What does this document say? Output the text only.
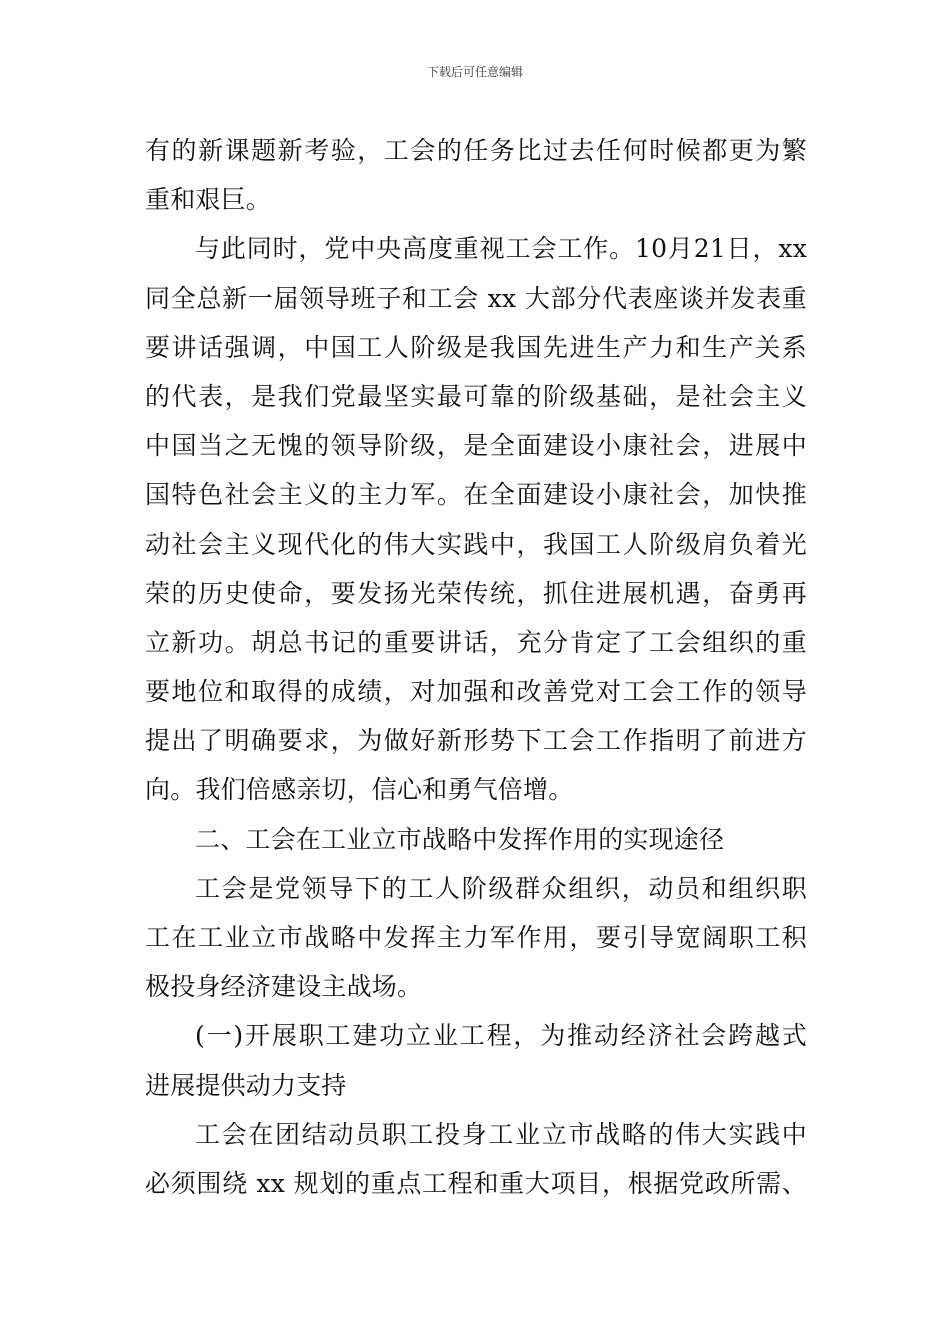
下载后可任意编辑
有的新课题新考验，工会的任务比过去任何时候都更为繁
重和艰巨。
与此同时，党中央高度重视工会工作。10月21日，xx
同全总新一届领导班子和工会 xx 大部分代表座谈并发表重
要讲话强调，中国工人阶级是我国先进生产力和生产关系
的代表，是我们党最坚实最可靠的阶级基础，是社会主义
中国当之无愧的领导阶级，是全面建设小康社会，进展中
国特色社会主义的主力军。在全面建设小康社会，加快推
动社会主义现代化的伟大实践中，我国工人阶级肩负着光
荣的历史使命，要发扬光荣传统，抓住进展机遇，奋勇再
立新功。胡总书记的重要讲话，充分肯定了工会组织的重
要地位和取得的成绩，对加强和改善党对工会工作的领导
提出了明确要求，为做好新形势下工会工作指明了前进方
向。我们倍感亲切，信心和勇气倍增。
二、工会在工业立市战略中发挥作用的实现途径
工会是党领导下的工人阶级群众组织，动员和组织职
工在工业立市战略中发挥主力军作用，要引导宽阔职工积
极投身经济建设主战场。
(一)开展职工建功立业工程，为推动经济社会跨越式
进展提供动力支持
工会在团结动员职工投身工业立市战略的伟大实践中
必须围绕 xx 规划的重点工程和重大项目，根据党政所需、
